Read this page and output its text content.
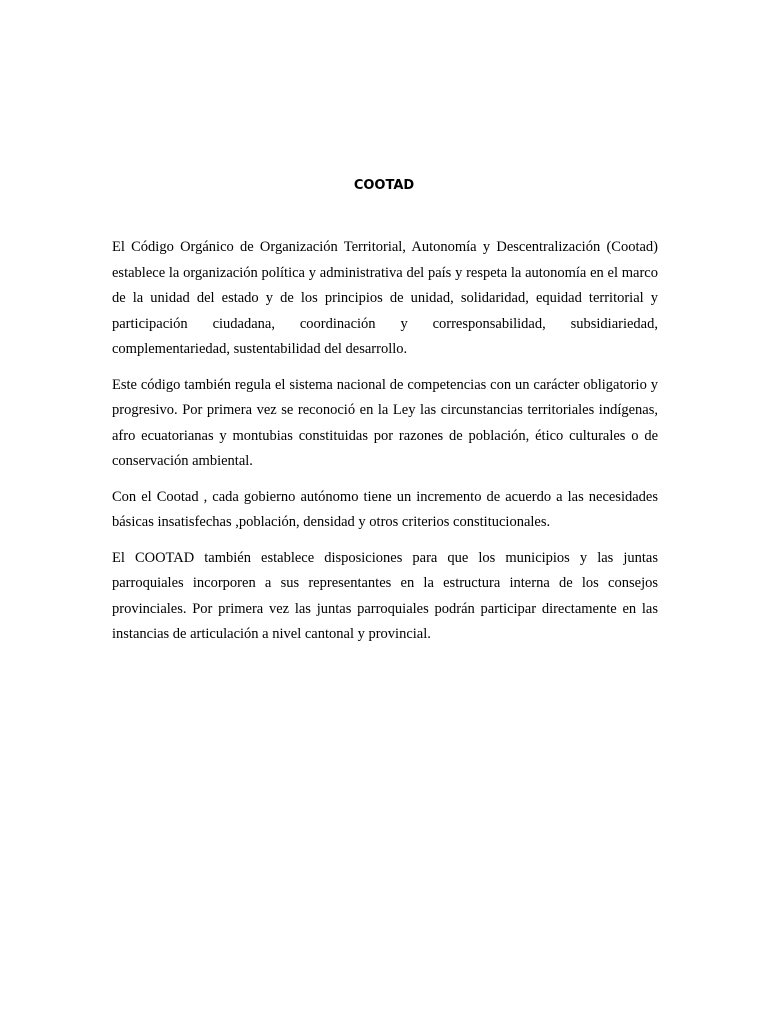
COOTAD

El Código Orgánico de Organización Territorial, Autonomía y Descentralización (Cootad) establece la organización política y administrativa del país y respeta la autonomía en el marco de la unidad del estado y de los principios de unidad, solidaridad, equidad territorial y participación ciudadana, coordinación y corresponsabilidad, subsidiariedad, complementariedad, sustentabilidad del desarrollo.

Este código también regula el sistema nacional de competencias con un carácter obligatorio y progresivo. Por primera vez se reconoció en la Ley las circunstancias territoriales indígenas, afro ecuatorianas y montubias constituidas por razones de población, ético culturales o de conservación ambiental.

Con el Cootad , cada gobierno autónomo tiene un incremento de acuerdo a las necesidades básicas insatisfechas ,población, densidad y otros criterios constitucionales.

El COOTAD también establece disposiciones para que los municipios y las juntas parroquiales incorporen a sus representantes en la estructura interna de los consejos provinciales. Por primera vez las juntas parroquiales podrán participar directamente en las instancias de articulación a nivel cantonal y provincial.
